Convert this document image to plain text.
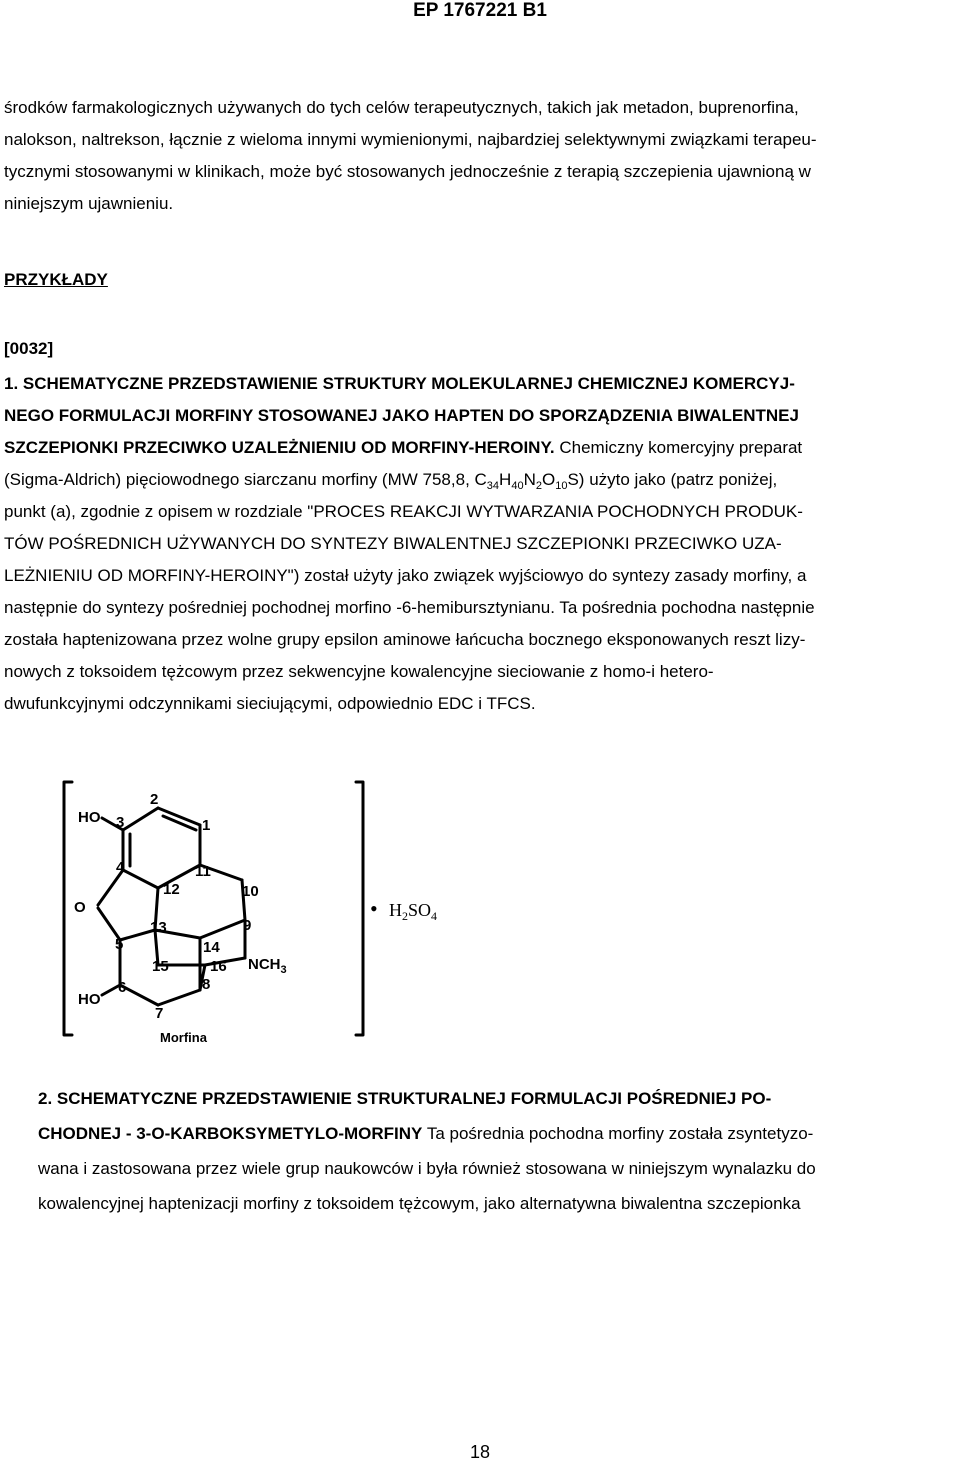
EP 1767221 B1
środków farmakologicznych używanych do tych celów terapeutycznych, takich jak metadon, buprenorfina,
nalokson, naltrekson, łącznie z wieloma innymi wymienionymi, najbardziej selektywnymi związkami terapeu-
tycznymi stosowanymi w klinikach, może być stosowanych jednocześnie z terapią szczepienia ujawnioną w
niniejszym ujawnieniu.
PRZYKŁADY
[0032]
1. SCHEMATYCZNE PRZEDSTAWIENIE STRUKTURY MOLEKULARNEJ CHEMICZNEJ KOMERCYJ-
NEGO FORMULACJI MORFINY STOSOWANEJ JAKO HAPTEN DO SPORZĄDZENIA BIWALENTNEJ
SZCZEPIONKI PRZECIWKO UZALEŻNIENIU OD MORFINY-HEROINY. Chemiczny komercyjny preparat
(Sigma-Aldrich) pięciowodnego siarczanu morfiny (MW 758,8, $C_{34}H_{40}N_2O_{10}S$) użyto jako (patrz poniżej,
punkt (a), zgodnie z opisem w rozdziale "PROCES REAKCJI WYTWARZANIA POCHODNYCH PRODUK-
TÓW POŚREDNICH UŻYWANYCH DO SYNTEZY BIWALENTNEJ SZCZEPIONKI PRZECIWKO UZA-
LEŻNIENIU OD MORFINY-HEROINY") został użyty jako związek wyjściowyo do syntezy zasady morfiny, a
następnie do syntezy pośredniej pochodnej morfino -6-hemibursztynianu. Ta pośrednia pochodna następnie
została haptenizowana przez wolne grupy epsilon aminowe łańcucha bocznego eksponowanych reszt lizy-
nowych z toksoidem tężcowym przez sekwencyjne kowalencyjne sieciowanie z homo-i hetero-
dwufunkcyjnymi odczynnikami sieciującymi, odpowiednio EDC i TFCS.
HO
2
1
3
4	11
12	10
O
13	9
5	14
15	16 $NCH_3$
6	8
HO
7
Morfina
• $H_2SO_4$
2. SCHEMATYCZNE PRZEDSTAWIENIE STRUKTURALNEJ FORMULACJI POŚREDNIEJ PO-
CHODNEJ - 3-O-KARBOKSYMETYLO-MORFINY Ta pośrednia pochodna morfiny została zsyntetyzo-
wana i zastosowana przez wiele grup naukowców i była również stosowana w niniejszym wynalazku do
kowalencyjnej haptenizacji morfiny z toksoidem tężcowym, jako alternatywna biwalentna szczepionka
18
